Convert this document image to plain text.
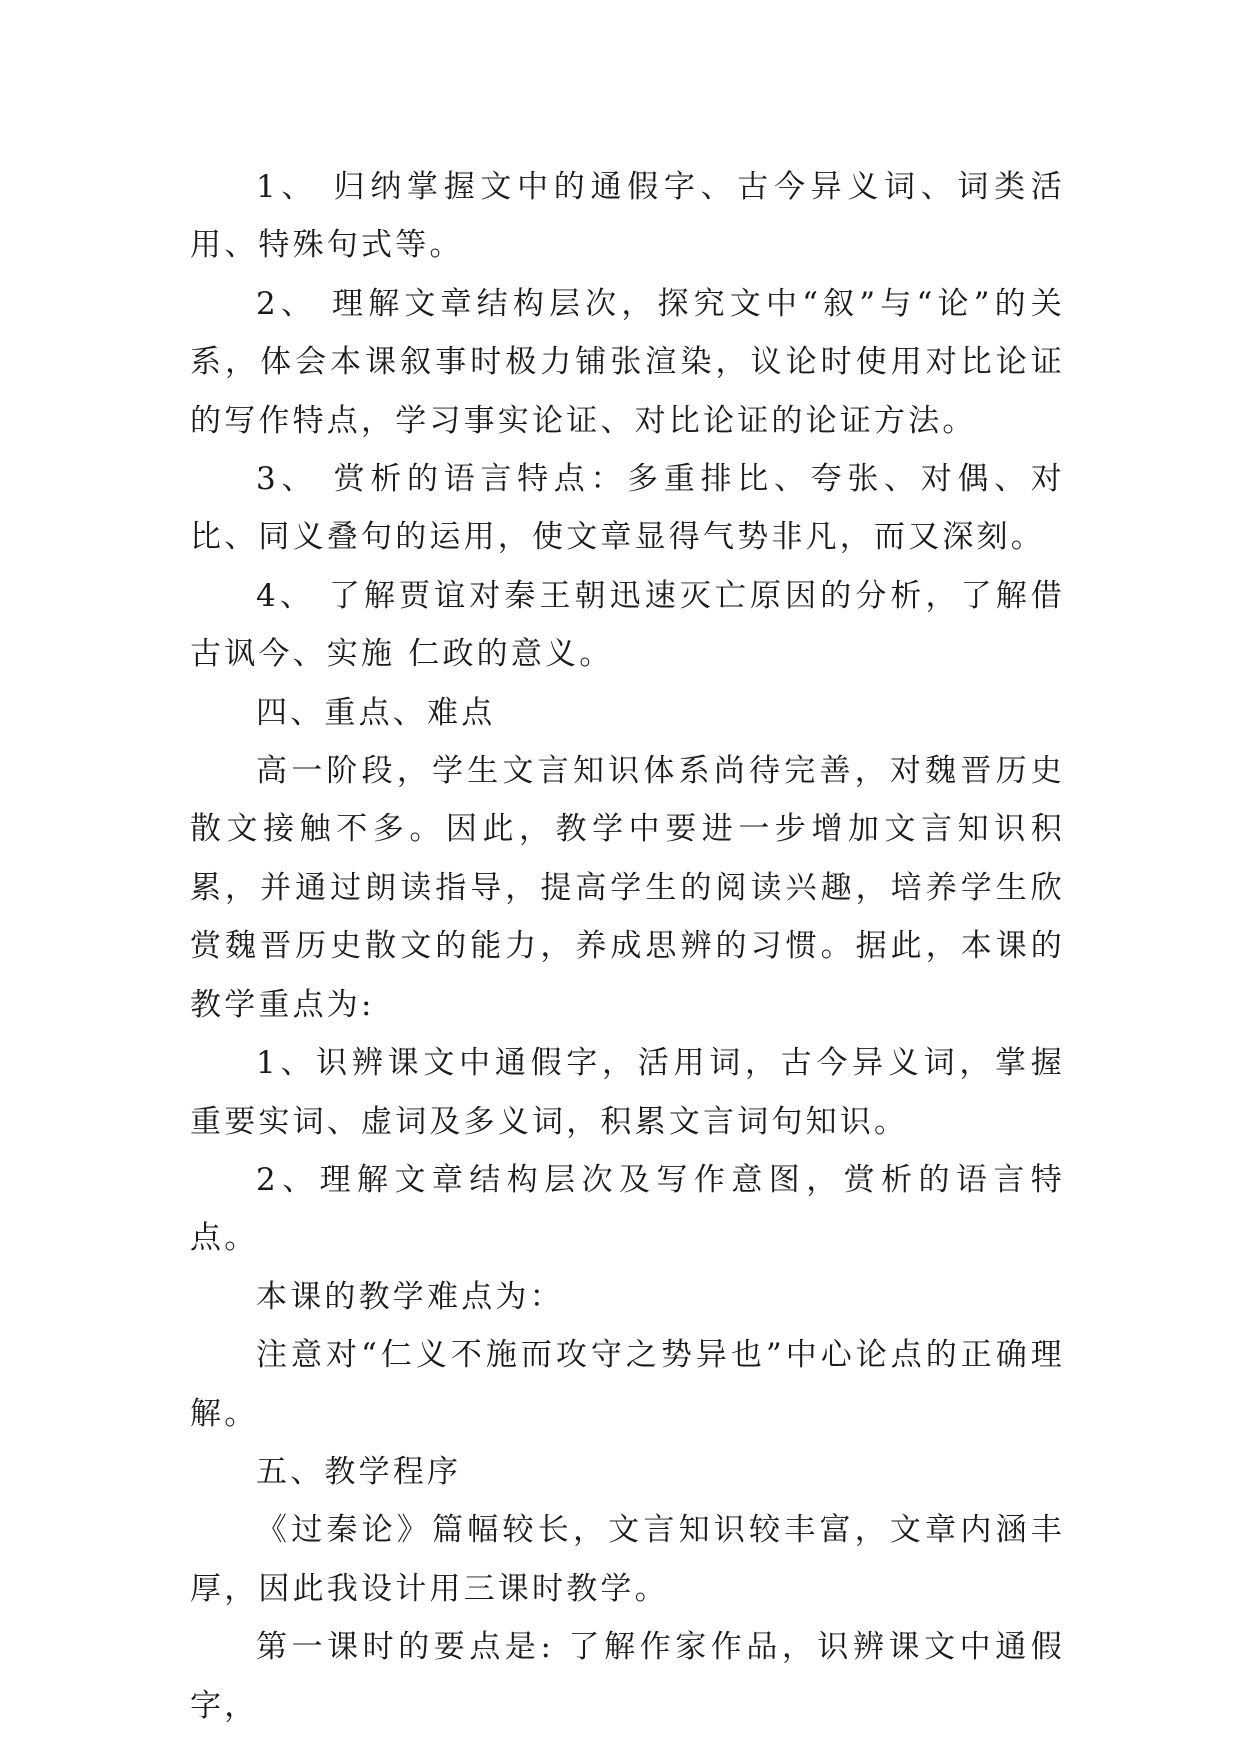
1、 归纳掌握文中的通假字、古今异义词、词类活用、特殊句式等。

2、 理解文章结构层次，探究文中“叙”与“论”的关系，体会本课叙事时极力铺张渲染，议论时使用对比论证的写作特点，学习事实论证、对比论证的论证方法。

3、 赏析的语言特点：多重排比、夸张、对偶、对比、同义叠句的运用，使文章显得气势非凡，而又深刻。

4、 了解贾谊对秦王朝迅速灭亡原因的分析，了解借古讽今、实施 仁政的意义。

四、重点、难点

高一阶段，学生文言知识体系尚待完善，对魏晋历史散文接触不多。因此，教学中要进一步增加文言知识积累，并通过朗读指导，提高学生的阅读兴趣，培养学生欣赏魏晋历史散文的能力，养成思辨的习惯。据此，本课的教学重点为:

1、识辨课文中通假字，活用词，古今异义词，掌握重要实词、虚词及多义词，积累文言词句知识。

2、理解文章结构层次及写作意图，赏析的语言特点。

本课的教学难点为：

注意对“仁义不施而攻守之势异也”中心论点的正确理解。

五、教学程序

《过秦论》篇幅较长，文言知识较丰富，文章内涵丰厚，因此我设计用三课时教学。

第一课时的要点是: 了解作家作品，识辨课文中通假字，
